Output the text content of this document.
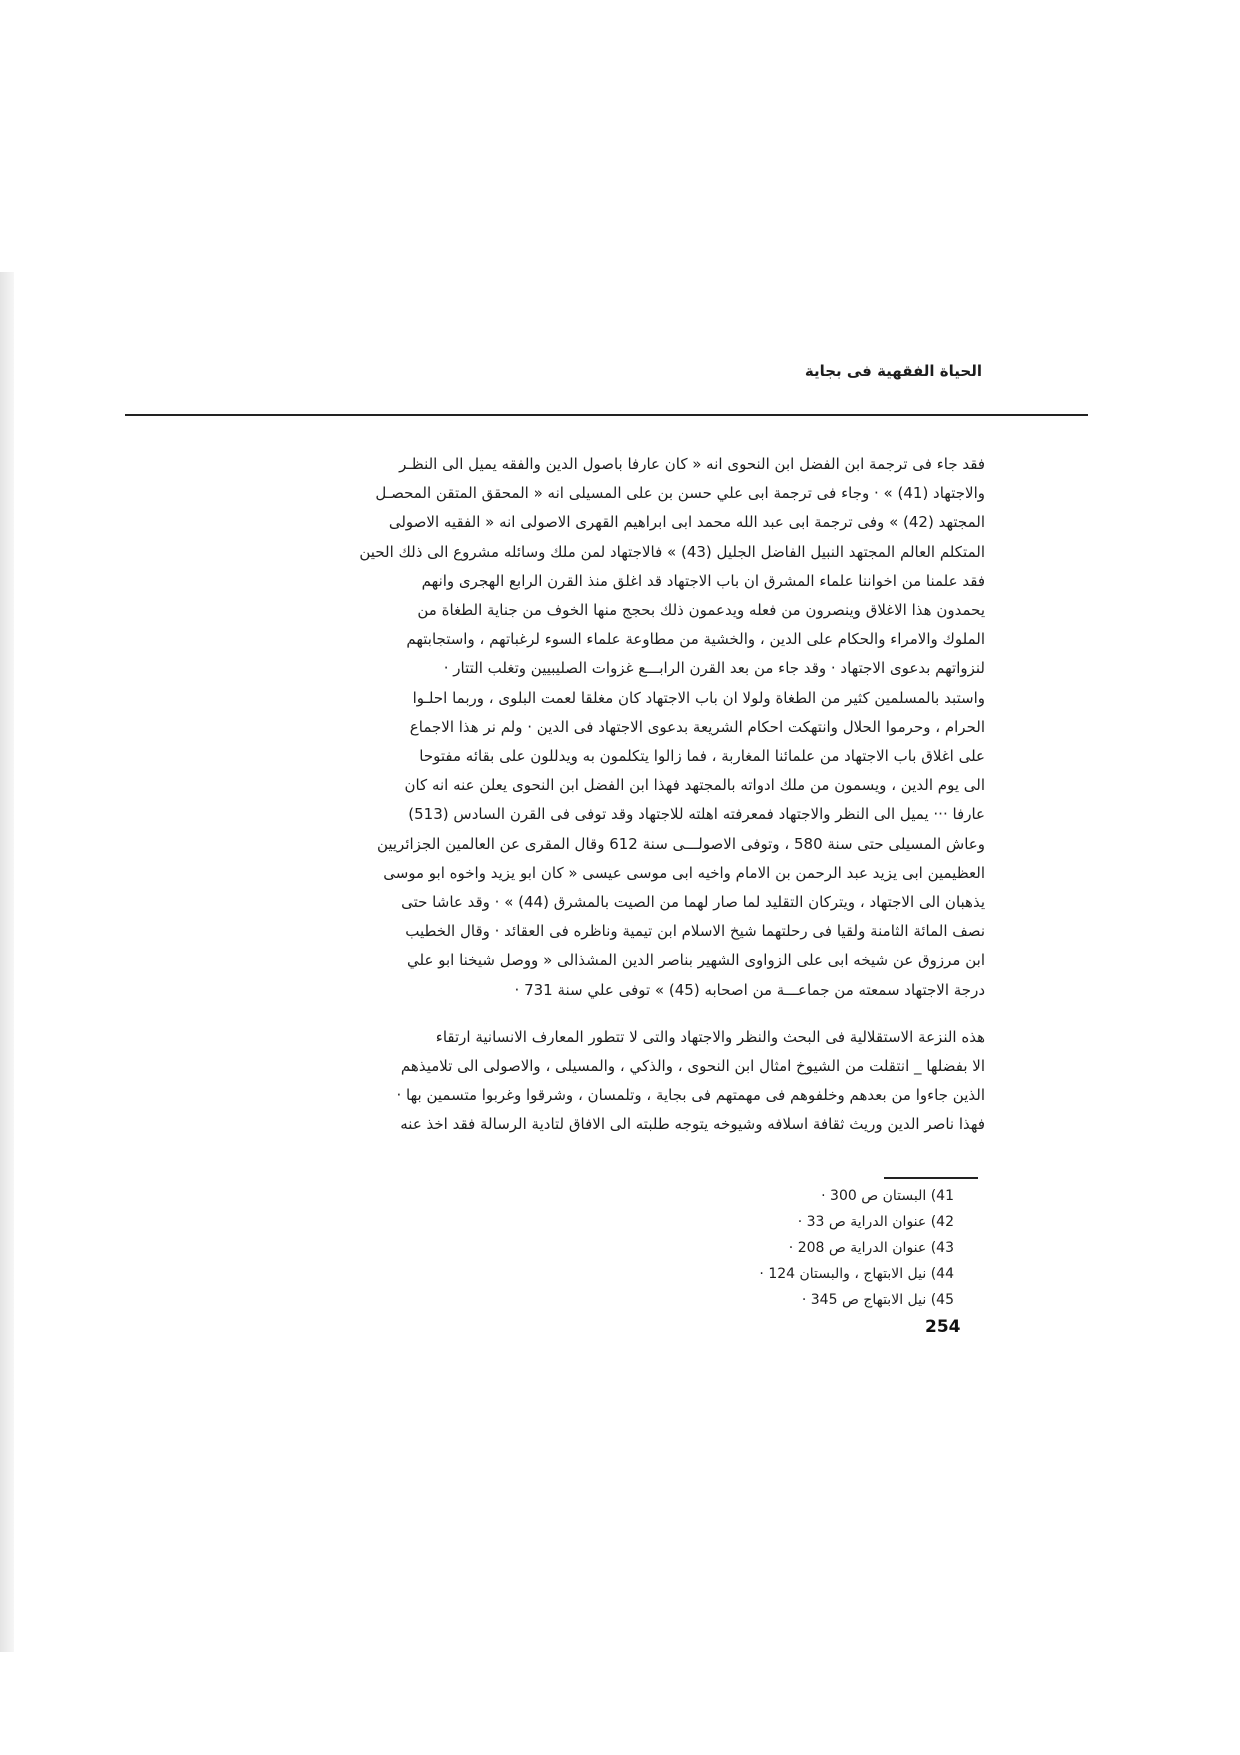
الحياة الفقهية فى بجاية

فقد جاء فى ترجمة ابن الفضل ابن النحوى انه « كان عارفا باصول الدين والفقه يميل الى النظـر
والاجتهاد (41) » · وجاء فى ترجمة ابى علي حسن بن على المسيلى انه « المحقق المتقن المحصـل
المجتهد (42) » وفى ترجمة ابى عبد الله محمد ابى ابراهيم القهرى الاصولى انه « الفقيه الاصولى
المتكلم العالم المجتهد النبيل الفاضل الجليل (43) » فالاجتهاد لمن ملك وسائله مشروع الى ذلك الحين
فقد علمنا من اخواننا علماء المشرق ان باب الاجتهاد قد اغلق منذ القرن الرابع الهجرى وانهم
يحمدون هذا الاغلاق وينصرون من فعله ويدعمون ذلك بحجج منها الخوف من جناية الطغاة من
الملوك والامراء والحكام على الدين ، والخشية من مطاوعة علماء السوء لرغباتهم ، واستجابتهم
لنزواتهم بدعوى الاجتهاد · وقد جاء من بعد القرن الرابـــع غزوات الصليبيين وتغلب التتار ·
واستبد بالمسلمين كثير من الطغاة ولولا ان باب الاجتهاد كان مغلقا لعمت البلوى ، وربما احلـوا
الحرام ، وحرموا الحلال وانتهكت احكام الشريعة بدعوى الاجتهاد فى الدين · ولم نر هذا الاجماع
على اغلاق باب الاجتهاد من علمائنا المغاربة ، فما زالوا يتكلمون به ويدللون على بقائه مفتوحا
الى يوم الدين ، ويسمون من ملك ادواته بالمجتهد فهذا ابن الفضل ابن النحوى يعلن عنه انه كان
عارفا ··· يميل الى النظر والاجتهاد فمعرفته اهلته للاجتهاد وقد توفى فى القرن السادس (513)
وعاش المسيلى حتى سنة 580 ، وتوفى الاصولـــى سنة 612 وقال المقرى عن العالمين الجزائريين
العظيمين ابى يزيد عبد الرحمن بن الامام واخيه ابى موسى عيسى « كان ابو يزيد واخوه ابو موسى
يذهبان الى الاجتهاد ، ويتركان التقليد لما صار لهما من الصيت بالمشرق (44) » · وقد عاشا حتى
نصف المائة الثامنة ولقيا فى رحلتهما شيخ الاسلام ابن تيمية وناظره فى العقائد · وقال الخطيب
ابن مرزوق عن شيخه ابى على الزواوى الشهير بناصر الدين المشذالى « ووصل شيخنا ابو علي
درجة الاجتهاد سمعته من جماعـــة من اصحابه (45) » توفى علي سنة 731 ·

هذه النزعة الاستقلالية فى البحث والنظر والاجتهاد والتى لا تتطور المعارف الانسانية ارتقاء
الا بفضلها _ انتقلت من الشيوخ امثال ابن النحوى ، والذكي ، والمسيلى ، والاصولى الى تلاميذهم
الذين جاءوا من بعدهم وخلفوهم فى مهمتهم فى بجاية ، وتلمسان ، وشرقوا وغربوا متسمين بها ·
فهذا ناصر الدين وريث ثقافة اسلافه وشيوخه يتوجه طلبته الى الافاق لتادية الرسالة فقد اخذ عنه

41) البستان ص 300 ·
42) عنوان الدراية ص 33 ·
43) عنوان الدراية ص 208 ·
44) نيل الابتهاج ، والبستان 124 ·
45) نيل الابتهاج ص 345 ·
254
